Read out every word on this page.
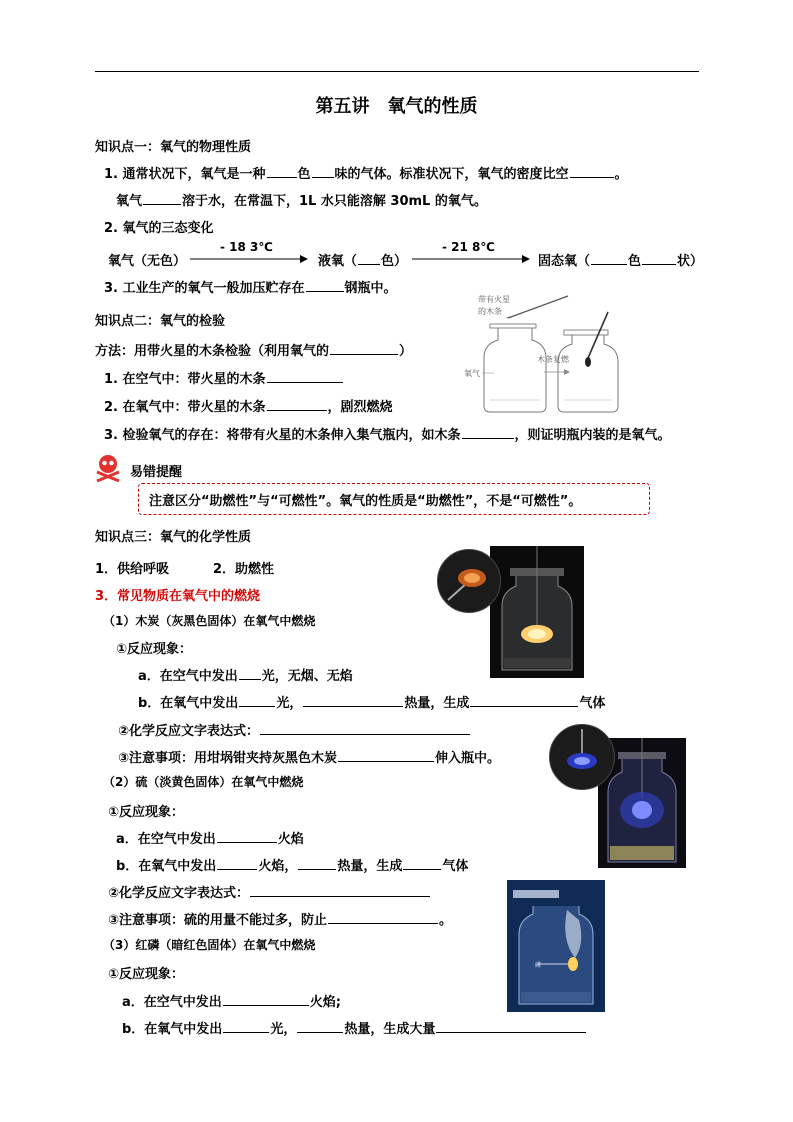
第五讲　氧气的性质
知识点一：氧气的物理性质
1. 通常状况下，氧气是一种 色 味的气体。标准状况下，氧气的密度比空	。
氧气	溶于水，在常温下，1L 水只能溶解 30mL 的氧气。
2. 氧气的三态变化
氧气（无色）
- 18 3℃
液氧（ 色）
- 21 8℃
固态氧（	色	状）
3. 工业生产的氧气一般加压贮存在	钢瓶中。
知识点二：氧气的检验
方法：用带火星的木条检验（利用氧气的	）
1. 在空气中：带火星的木条
2. 在氧气中：带火星的木条	，剧烈燃烧
3. 检验氧气的存在：将带有火星的木条伸入集气瓶内，如木条	，则证明瓶内装的是氧气。
带有火星
的木条
氧气
木条复燃
易错提醒
注意区分“助燃性”与“可燃性”。氧气的性质是“助燃性”，不是“可燃性”。
知识点三：氧气的化学性质
1．供给呼吸	2．助燃性
3．常见物质在氧气中的燃烧
（1）木炭（灰黑色固体）在氧气中燃烧
①反应现象：
a．在空气中发出 光，无烟、无焰
b．在氧气中发出	光，	热量，生成	气体
②化学反应文字表达式：
③注意事项：用坩埚钳夹持灰黑色木炭	伸入瓶中。
（2）硫（淡黄色固体）在氧气中燃烧
①反应现象：
a．在空气中发出	火焰
b．在氧气中发出	火焰，	热量，生成	气体
②化学反应文字表达式：
③注意事项：硫的用量不能过多，防止	。
（3）红磷（暗红色固体）在氧气中燃烧
①反应现象：
a．在空气中发出	火焰;
b．在氧气中发出	光，	热量，生成大量
磷
